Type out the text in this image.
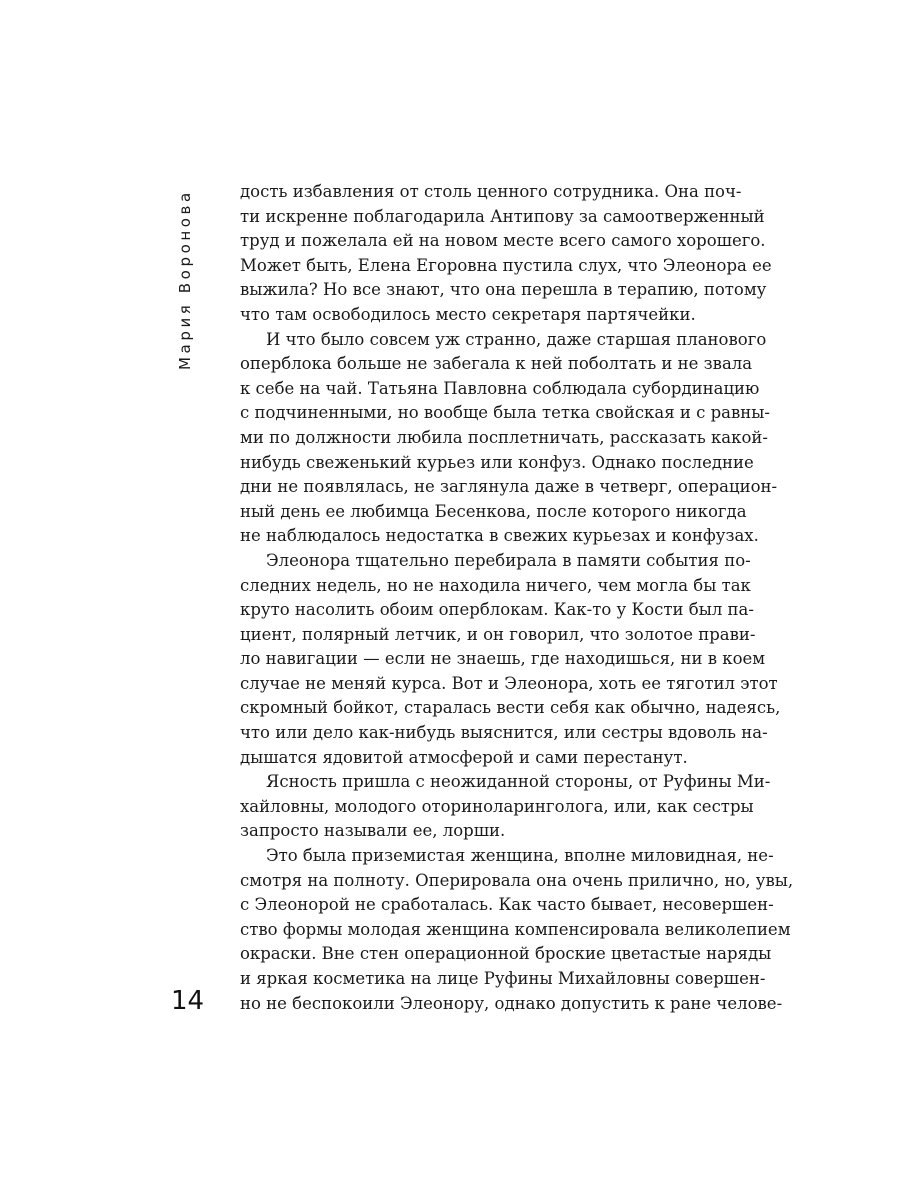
Мария Воронова	дость избавления от столь ценного сотрудника. Она поч-
ти искренне поблагодарила Антипову за самоотверженный
труд и пожелала ей на новом месте всего самого хорошего.
Может быть, Елена Егоровна пустила слух, что Элеонора ее
выжила? Но все знают, что она перешла в терапию, потому
что там освободилось место секретаря партячейки.
И что было совсем уж странно, даже старшая планового
оперблока больше не забегала к ней поболтать и не звала
к себе на чай. Татьяна Павловна соблюдала субординацию
с подчиненными, но вообще была тетка свойская и с равны-
ми по должности любила посплетничать, рассказать какой-
нибудь свеженький курьез или конфуз. Однако последние
дни не появлялась, не заглянула даже в четверг, операцион-
ный день ее любимца Бесенкова, после которого никогда
не наблюдалось недостатка в свежих курьезах и конфузах.
Элеонора тщательно перебирала в памяти события по-
следних недель, но не находила ничего, чем могла бы так
круто насолить обоим оперблокам. Как-то у Кости был па-
циент, полярный летчик, и он говорил, что золотое прави-
ло навигации — если не знаешь, где находишься, ни в коем
случае не меняй курса. Вот и Элеонора, хоть ее тяготил этот
скромный бойкот, старалась вести себя как обычно, надеясь,
что или дело как-нибудь выяснится, или сестры вдоволь на-
дышатся ядовитой атмосферой и сами перестанут.
Ясность пришла с неожиданной стороны, от Руфины Ми-
хайловны, молодого оториноларинголога, или, как сестры
запросто называли ее, лорши.
Это была приземистая женщина, вполне миловидная, не-
смотря на полноту. Оперировала она очень прилично, но, увы,
с Элеонорой не сработалась. Как часто бывает, несовершен-
ство формы молодая женщина компенсировала великолепием
окраски. Вне стен операционной броские цветастые наряды
и яркая косметика на лице Руфины Михайловны совершен-
но не беспокоили Элеонору, однако допустить к ране челове-
14
